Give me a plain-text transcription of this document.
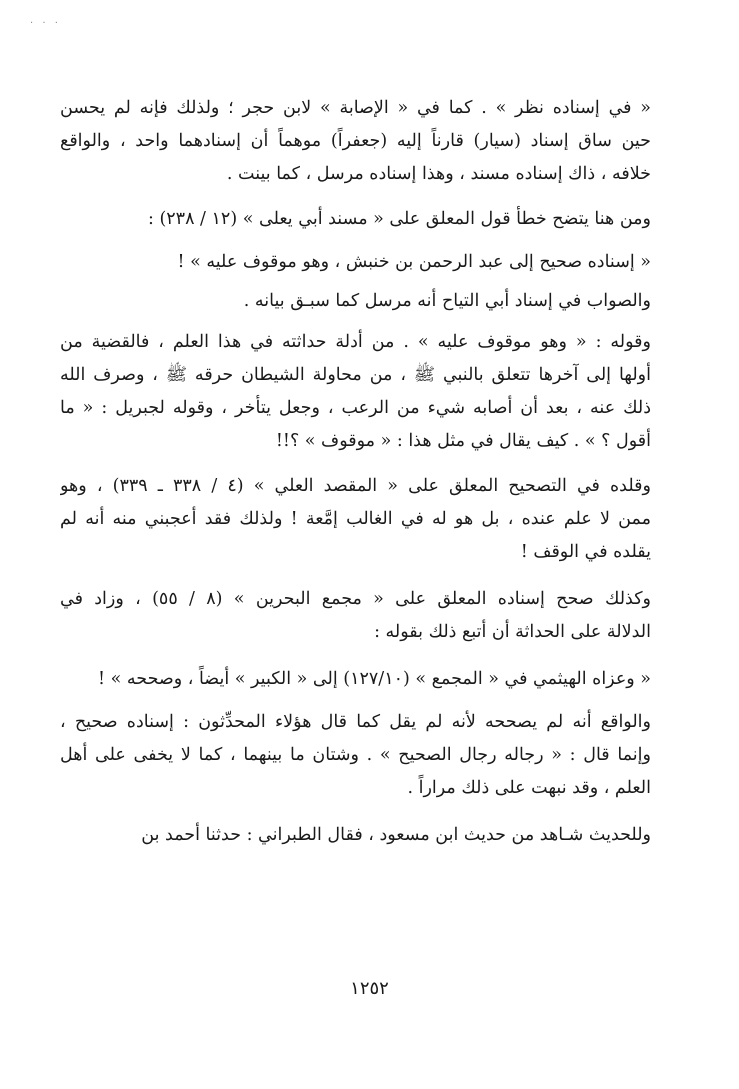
· · ·
« في إسناده نظر » . كما في « الإصابة » لابن حجر ؛ ولذلك فإنه لم يحسن
حين ساق إسناد (سيار) قارناً إليه (جعفراً) موهماً أن إسنادهما واحد ، والواقع
خلافه ، ذاك إسناده مسند ، وهذا إسناده مرسل ، كما بينت .
ومن هنا يتضح خطأ قول المعلق على « مسند أبي يعلى » (١٢ / ٢٣٨) :
« إسناده صحيح إلى عبد الرحمن بن خنبش ، وهو موقوف عليه » !
والصواب في إسناد أبي التياح أنه مرسل كما سبـق بيانه .
وقوله : « وهو موقوف عليه » . من أدلة حداثته في هذا العلم ، فالقضية من
أولها إلى آخرها تتعلق بالنبي ﷺ ، من محاولة الشيطان حرقه ﷺ ، وصرف الله
ذلك عنه ، بعد أن أصابه شيء من الرعب ، وجعل يتأخر ، وقوله لجبريل : « ما
أقول ؟ » . كيف يقال في مثل هذا : « موقوف » ؟!!
وقلده في التصحيح المعلق على « المقصد العلي » (٤ / ٣٣٨ ـ ٣٣٩) ، وهو
ممن لا علم عنده ، بل هو له في الغالب إمَّعة ! ولذلك فقد أعجبني منه أنه لم
يقلده في الوقف !
وكذلك صحح إسناده المعلق على « مجمع البحرين » (٨ / ٥٥) ، وزاد في
الدلالة على الحداثة أن أتبع ذلك بقوله :
« وعزاه الهيثمي في « المجمع » (١٢٧/١٠) إلى « الكبير » أيضاً ، وصححه » !
والواقع أنه لم يصححه لأنه لم يقل كما قال هؤلاء المحدِّثون : إسناده صحيح ،
وإنما قال : « رجاله رجال الصحيح » . وشتان ما بينهما ، كما لا يخفى على أهل
العلم ، وقد نبهت على ذلك مراراً .
وللحديث شـاهد من حديث ابن مسعود ، فقال الطبراني : حدثنا أحمد بن
١٢٥٢
